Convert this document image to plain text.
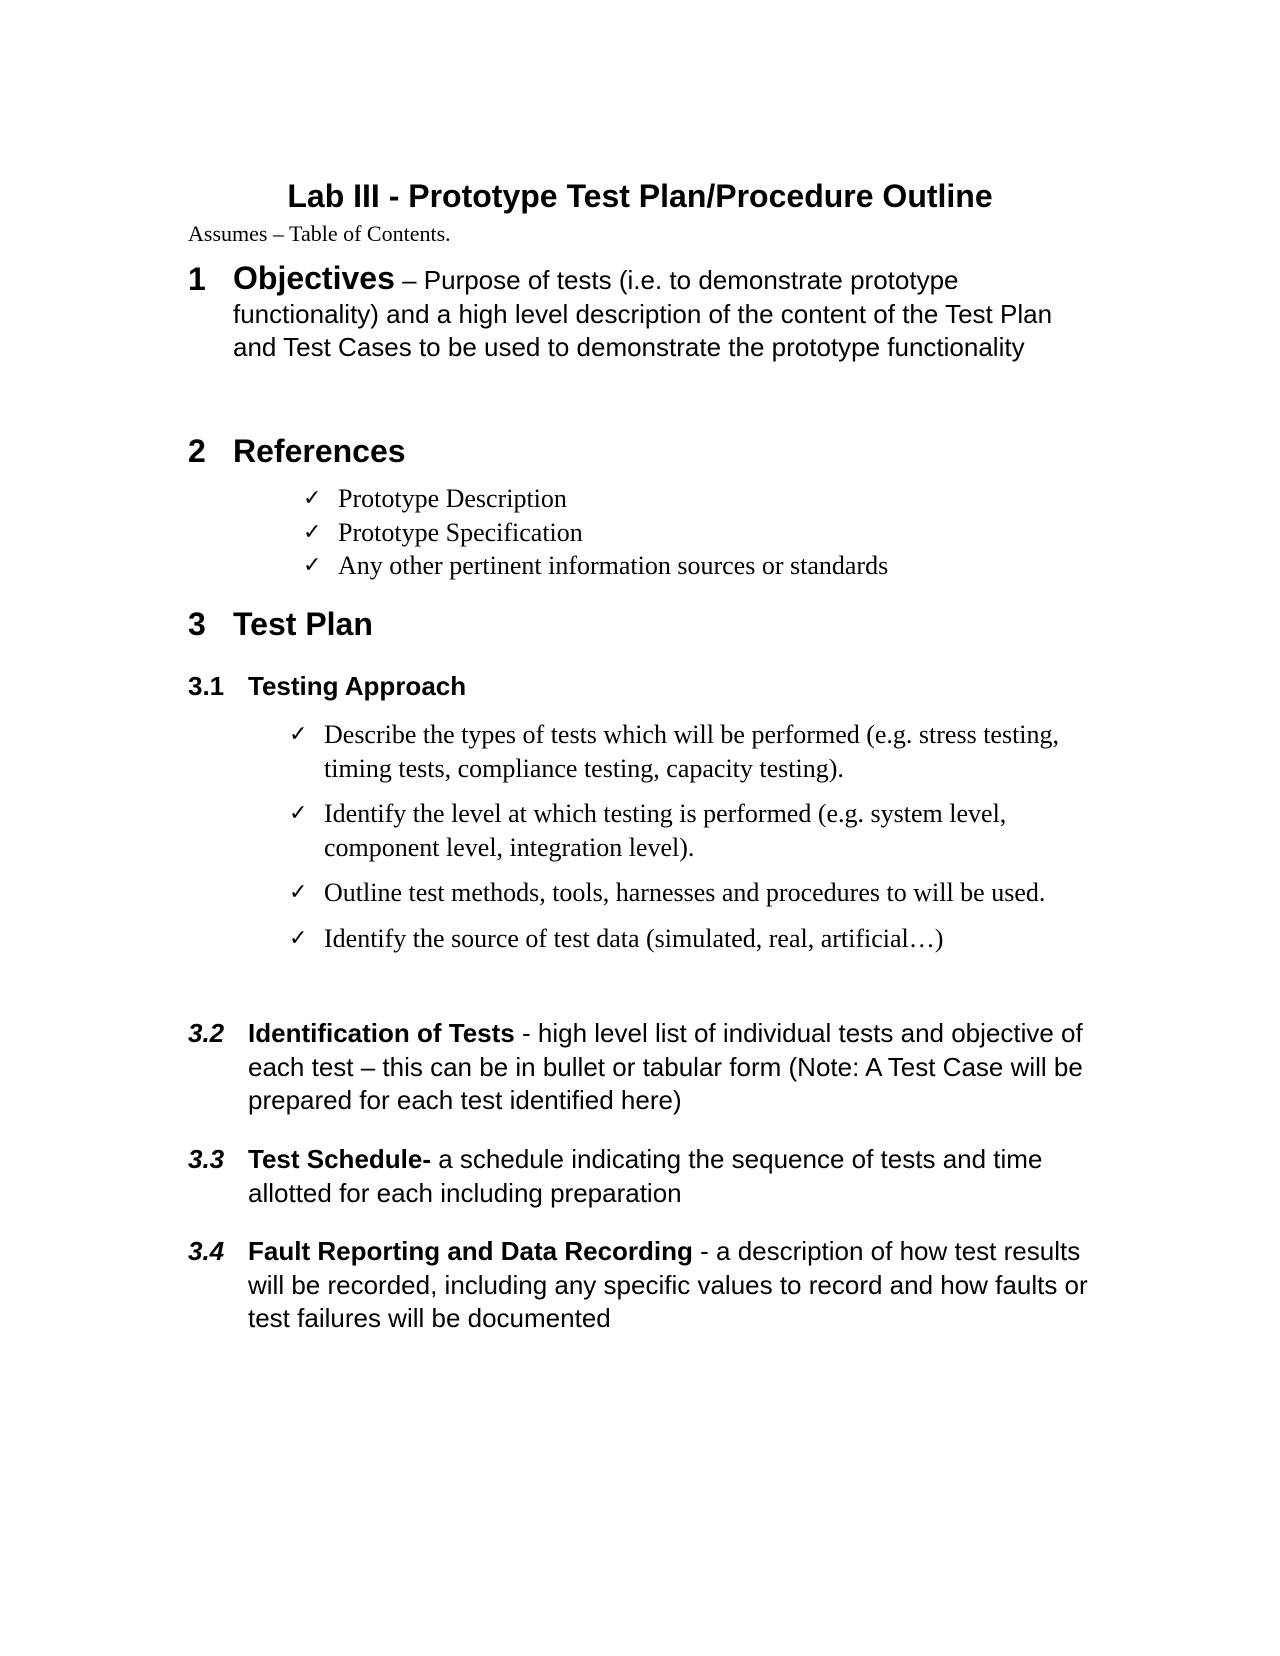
Lab III - Prototype Test Plan/Procedure Outline
Assumes – Table of Contents.
1 Objectives – Purpose of tests (i.e. to demonstrate prototype functionality) and a high level description of the content of the Test Plan and Test Cases to be used to demonstrate the prototype functionality
2 References
✓ Prototype Description
✓ Prototype Specification
✓ Any other pertinent information sources or standards
3 Test Plan
3.1 Testing Approach
✓ Describe the types of tests which will be performed (e.g. stress testing, timing tests, compliance testing, capacity testing).
✓ Identify the level at which testing is performed (e.g. system level, component level, integration level).
✓ Outline test methods, tools, harnesses and procedures to will be used.
✓ Identify the source of test data (simulated, real, artificial…)
3.2 Identification of Tests - high level list of individual tests and objective of each test – this can be in bullet or tabular form (Note: A Test Case will be prepared for each test identified here)
3.3 Test Schedule- a schedule indicating the sequence of tests and time allotted for each including preparation
3.4 Fault Reporting and Data Recording - a description of how test results will be recorded, including any specific values to record and how faults or test failures will be documented
